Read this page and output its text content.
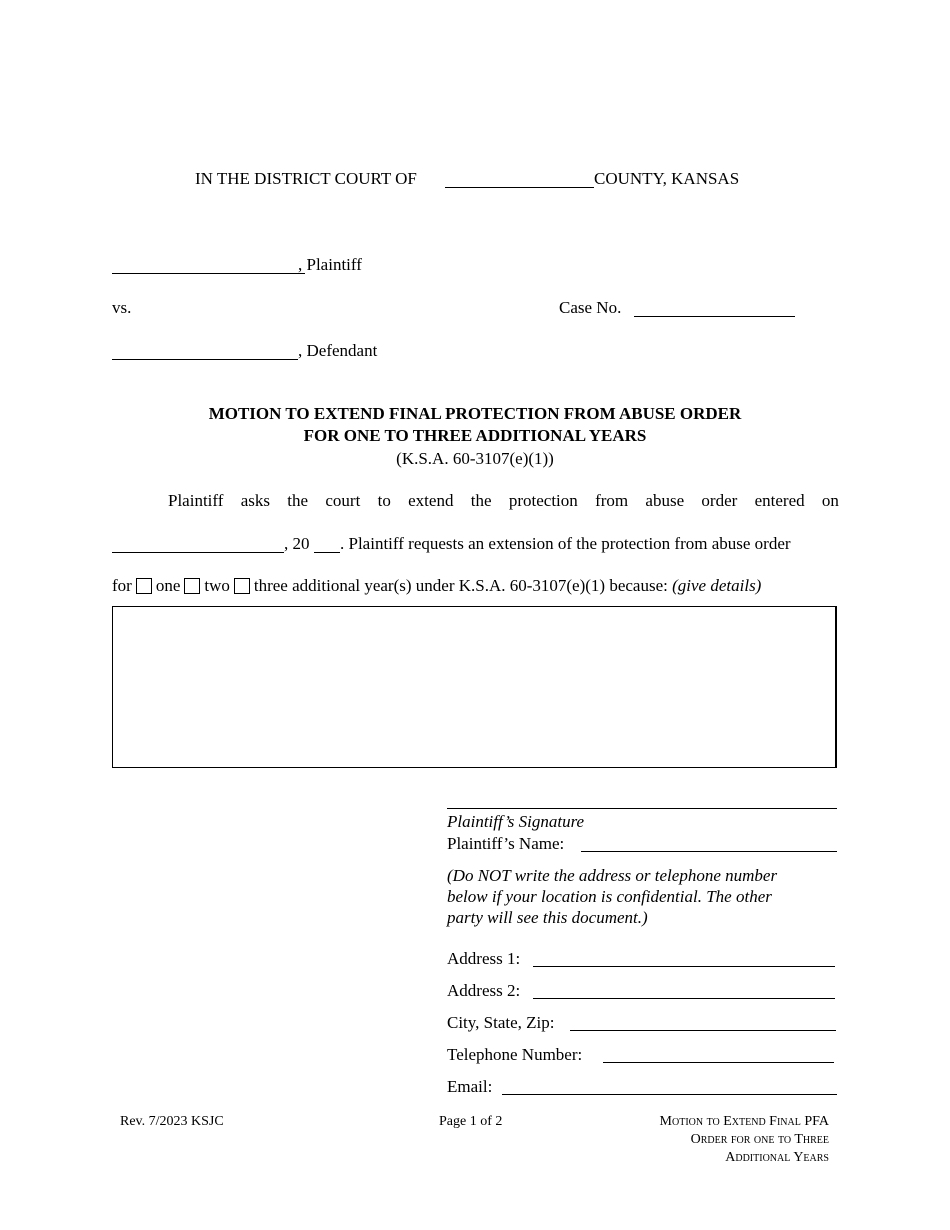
IN THE DISTRICT COURT OF	COUNTY, KANSAS
, Plaintiff
vs.	Case No.
, Defendant
MOTION TO EXTEND FINAL PROTECTION FROM ABUSE ORDER
FOR ONE TO THREE ADDITIONAL YEARS
(K.S.A. 60-3107(e)(1))
Plaintiff asks the court to extend the protection from abuse order entered on
, 20 . Plaintiff requests an extension of the protection from abuse order
for one two three additional year(s) under K.S.A. 60-3107(e)(1) because: (give details)
Plaintiff’s Signature
Plaintiff’s Name:
(Do NOT write the address or telephone number
below if your location is confidential. The other
party will see this document.)
Address 1:
Address 2:
City, State, Zip:
Telephone Number:
Email:
Rev. 7/2023 KSJC	Page 1 of 2	Motion to Extend Final PFA
Order for one to Three
Additional Years
